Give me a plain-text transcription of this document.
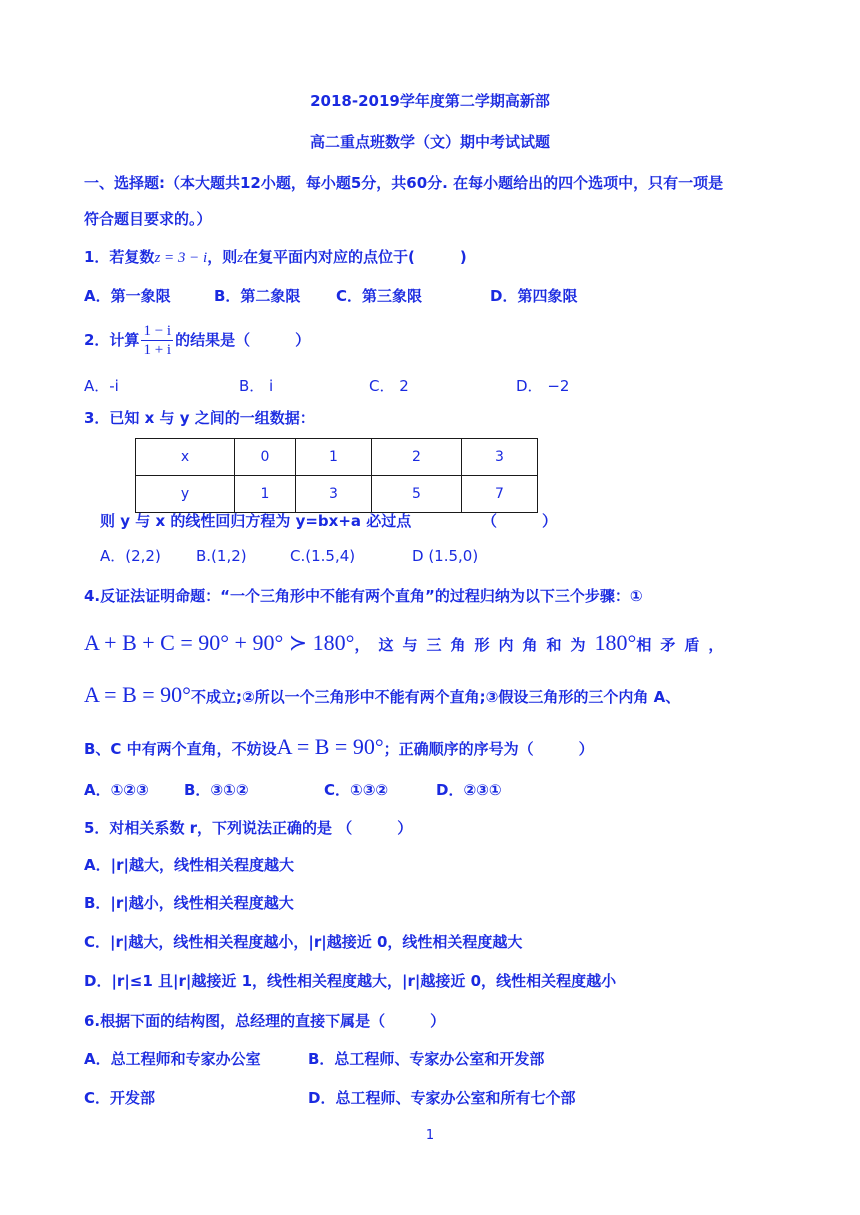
2018-2019学年度第二学期高新部
高二重点班数学（文）期中考试试题
一、选择题:（本大题共12小题，每小题5分，共60分. 在每小题给出的四个选项中，只有一项是
符合题目要求的。）
1．若复数z = 3 − i，则z在复平面内对应的点位于(　　　)
A．第一象限	B．第二象限 C．第三象限	D．第四象限
2．计算 $\frac{1 - i}{1 + i}$ 的结果是（　　　）
A．-i	B． i	C． 2	D． −2
3．已知 x 与 y 之间的一组数据：
x	0	1	2	3
y	1	3	5	7
则 y 与 x 的线性回归方程为 y=bx+a 必过点	（　　　）
A．(2,2) B.(1,2)	C.(1.5,4)	D (1.5,0)
4.反证法证明命题：“一个三角形中不能有两个直角”的过程归纳为以下三个步骤：①
A + B + C = 90° + 90° ≻ 180°，这与三角形内角和为180°相矛盾，
A = B = 90°不成立;②所以一个三角形中不能有两个直角;③假设三角形的三个内角 A、
B、C 中有两个直角，不妨设A = B = 90°；正确顺序的序号为（　　　）
A．①②③ B．③①②	C．①③②	D．②③①
5．对相关系数 r，下列说法正确的是 （　　　）
A．|r|越大，线性相关程度越大
B．|r|越小，线性相关程度越大
C．|r|越大，线性相关程度越小，|r|越接近 0，线性相关程度越大
D．|r|≤1 且|r|越接近 1，线性相关程度越大，|r|越接近 0，线性相关程度越小
6.根据下面的结构图，总经理的直接下属是（　　　）
A．总工程师和专家办公室	B．总工程师、专家办公室和开发部
C．开发部	D．总工程师、专家办公室和所有七个部
1
